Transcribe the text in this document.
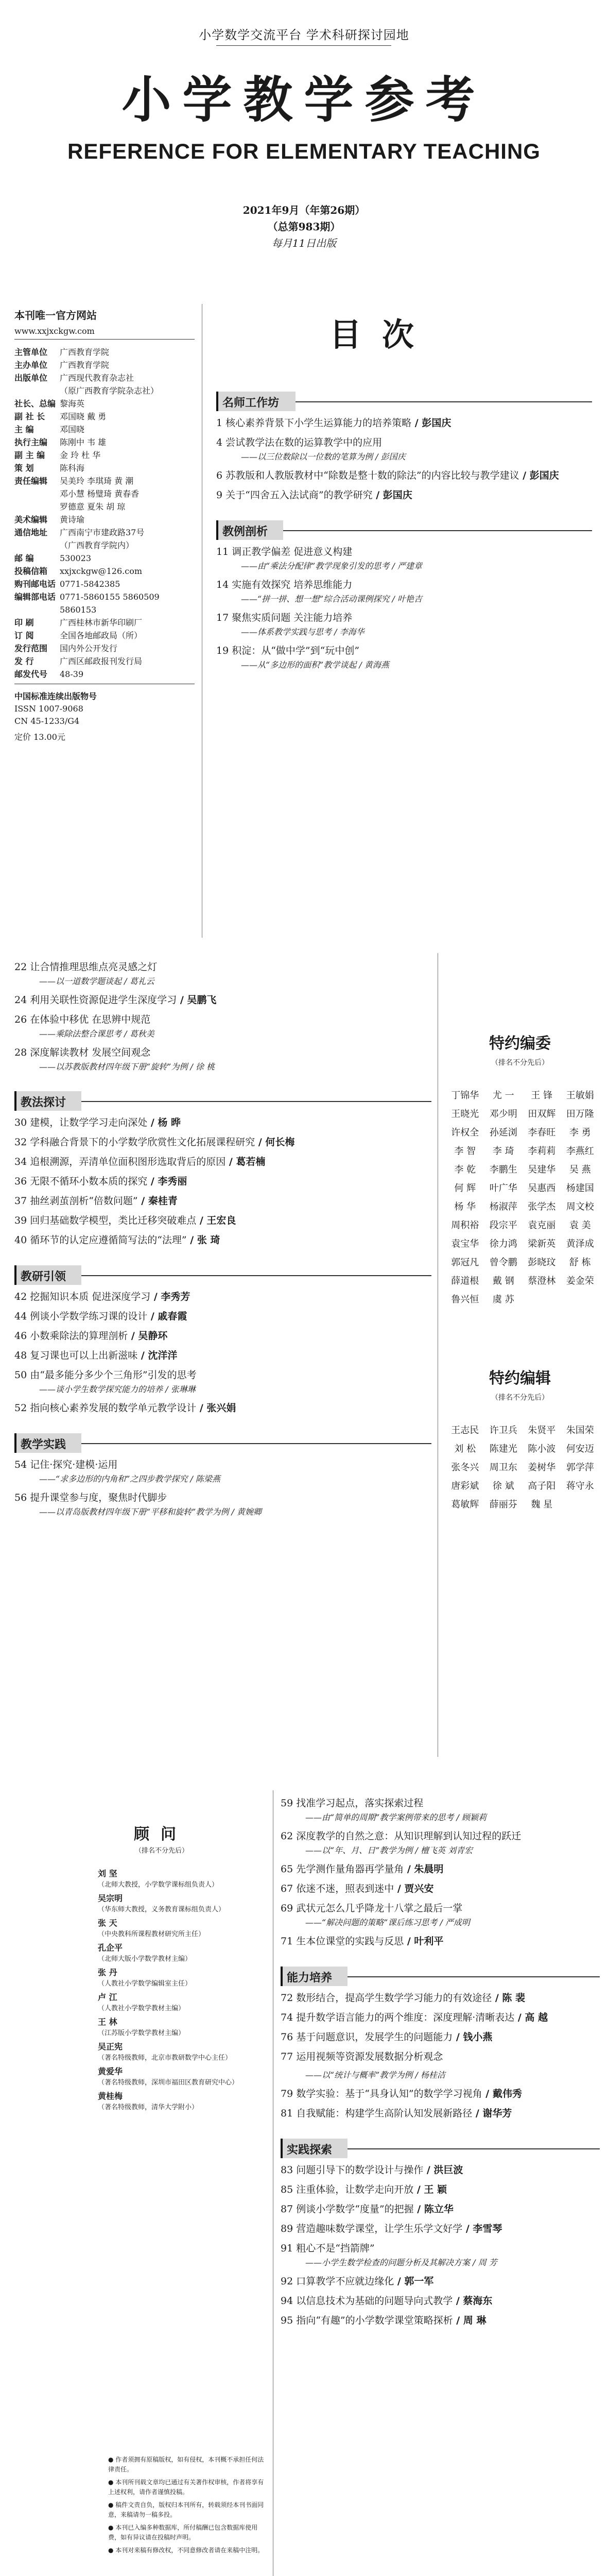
小学数学交流平台 学术科研探讨园地
小学教学参考
REFERENCE FOR ELEMENTARY TEACHING
2021年9月（年第26期）
（总第983期）
每月11日出版
目次
本刊唯一官方网站
www.xxjxckgw.com
主管单位	广西教育学院
主办单位	广西教育学院
出版单位	广西现代教育杂志社
（原广西教育学院杂志社）
社长、总编 黎海英
副 社 长	邓国晓 戴 勇
主 编	邓国晓
执行主编	陈刚中 韦 雄
副 主 编	金 玲 杜 华
策 划	陈科海
责任编辑	吴美玲 李琪琦 黄 潮
邓小慧 杨璧琦 黄春香
罗德意 夏朱 胡 琼
美术编辑	黄诗瑜
通信地址	广西南宁市建政路37号
（广西教育学院内）
邮 编	530023
投稿信箱	xxjxckgw@126.com
购刊邮电话 0771-5842385
编辑部电话 0771-5860155 5860509
5860153
印 刷	广西桂林市新华印刷厂
订 阅	全国各地邮政局（所）
发行范围	国内外公开发行
发 行	广西区邮政报刊发行局
邮发代号	48-39
中国标准连续出版物号
ISSN 1007-9068
CN 45-1233/G4
定价 13.00元
名师工作坊
1 核心素养背景下小学生运算能力的培养策略 / 彭国庆
4 尝试教学法在数的运算教学中的应用
——以三位数除以一位数的笔算为例 / 彭国庆
6 苏教版和人教版教材中“除数是整十数的除法”的内容比较与教学建议 / 彭国庆
9 关于“四舍五入法试商”的教学研究 / 彭国庆
教例剖析
11 调正教学偏差 促进意义构建
——由“乘法分配律”教学现象引发的思考 / 严建章
14 实施有效探究 培养思维能力
——“拼一拼、想一想”综合活动课例探究 / 叶艳吉
17 聚焦实质问题 关注能力培养
——体系教学实践与思考 / 李海华
19 积淀：从“做中学”到“玩中创”
——从“多边形的面积”教学谈起 / 黄海燕
22 让合情推理思维点亮灵感之灯
——以一道数学题谈起 / 葛礼云
24 利用关联性资源促进学生深度学习 / 吴鹏飞
26 在体验中移优 在思辨中规范
——乘除法整合课思考 / 葛秋美
28 深度解读教材 发展空间观念
——以苏教版教材四年级下册“旋转”为例 / 徐 桃
教法探讨
30 建模，让数学学习走向深处 / 杨 晔
32 学科融合背景下的小学数学欣赏性文化拓展课程研究 / 何长梅
34 追根溯源，弄清单位面积图形选取背后的原因 / 葛若楠
36 无限不循环小数本质的探究 / 李秀丽
37 抽丝剥茧剖析“倍数问题” / 秦桂青
39 回归基础数学模型，类比迁移突破难点 / 王宏良
40 循环节的认定应遵循简写法的“法理” / 张 琦
教研引领
42 挖掘知识本质 促进深度学习 / 李秀芳
44 例谈小学数学练习课的设计 / 戚春霞
46 小数乘除法的算理剖析 / 吴静环
48 复习课也可以上出新滋味 / 沈洋洋
50 由“最多能分多少个三角形”引发的思考
——谈小学生数学探究能力的培养 / 张琳琳
52 指向核心素养发展的数学单元教学设计 / 张兴娟
教学实践
54 记住·探究·建模·运用
——“求多边形的内角和”之四步教学探究 / 陈梁燕
56 提升课堂参与度，聚焦时代脚步
——以青岛版教材四年级下册“平移和旋转”教学为例 / 黄婉卿
特约编委
（排名不分先后）
丁锦华	尤 一	王 锋	王敏娟
王晓光	邓少明	田双辉	田万隆
许权全	孙延浏	李春旺	李 勇
李 智	李 琦	李莉莉	李燕红
李 乾	李鹏生	吴建华	吴 燕
何 辉	叶广华	吴惠西	杨建国
杨 华	杨淑萍	张学杰	周文校
周积裕	段宗平	袁克丽	袁 美
袁宝华	徐力鸿	梁新英	黄泽成
郭冠凡	曾令鹏	彭晓玟	舒 栋
薛道根	戴 钢	蔡澄林	姜金荣
鲁兴恒	虞 苏
特约编辑
（排名不分先后）
王志民	许卫兵	朱贤平	朱国荣
刘 松	陈建光	陈小波	何安迈
张冬兴	周卫东	姜树华	郭学萍
唐彩斌	徐 斌	高子阳	蒋守永
葛敏辉	薛丽芬	魏 星
顾问
（排名不分先后）
刘 坚
（北师大教授，小学数学课标组负责人）
吴宗明
（华东师大教授，义务教育课标组负责人）
张 天
（中央教科所课程教材研究所主任）
孔企平
（北师大版小学数学教材主编）
张 丹
（人教社小学数学编辑室主任）
卢 江
（人教社小学数学教材主编）
王 林
（江苏版小学数学教材主编）
吴正宪
（著名特级教师，北京市教研数学中心主任）
黄爱华
（著名特级教师，深圳市福田区教育研究中心）
黄桂梅
（著名特级教师，清华大学附小）

● 作者须拥有原稿版权，如有侵权，本刊概不承担任何法律责任。

● 本刊所刊载文章均已通过有关著作权审核，作者将享有上述权利，请作者谨慎投稿。

● 稿件文责自负，版权归本刊所有，转载须经本刊书面同意，来稿请勿一稿多投。

● 本刊已入编多种数据库，所付稿酬已包含数据库使用费，如有异议请在投稿时声明。

● 本刊对来稿有修改权，不同意修改者请在来稿中注明。

59 找准学习起点，落实探索过程
——由“简单的周期”教学案例带来的思考 / 顾颖莉
62 深度教学的自然之意：从知识理解到认知过程的跃迁
——以“年、月、日”教学为例 / 檀飞英 刘青宏
65 先学测作量角器再学量角 / 朱晨明
67 依迷不迷，照表到迷中 / 贾兴安
69 武状元怎么几乎降龙十八掌之最后一掌
——“解决问题的策略”课后练习思考 / 严成明
71 生本位课堂的实践与反思 / 叶利平
能力培养
72 数形结合，提高学生数学学习能力的有效途径 / 陈 裴
74 提升数学语言能力的两个维度：深度理解·清晰表达 / 高 越
76 基于问题意识，发展学生的问题能力 / 钱小燕
77 运用视频等资源发展数据分析观念
——以“统计与概率”教学为例 / 杨桂洁
79 数学实验：基于“具身认知”的数学学习视角 / 戴伟秀
81 自我赋能：构建学生高阶认知发展新路径 / 谢华芳
实践探索
83 问题引导下的数学设计与操作 / 洪巨波
85 注重体验，让数学走向开放 / 王 颖
87 例谈小学数学“度量”的把握 / 陈立华
89 营造趣味数学课堂，让学生乐学文好学 / 李雪琴
91 粗心不是“挡箭牌”
——小学生数学检查的问题分析及其解决方案 / 周 芳
92 口算教学不应就边缘化 / 郭一军
94 以信息技术为基础的问题导向式教学 / 蔡海东
95 指向“有趣”的小学数学课堂策略探析 / 周 琳
